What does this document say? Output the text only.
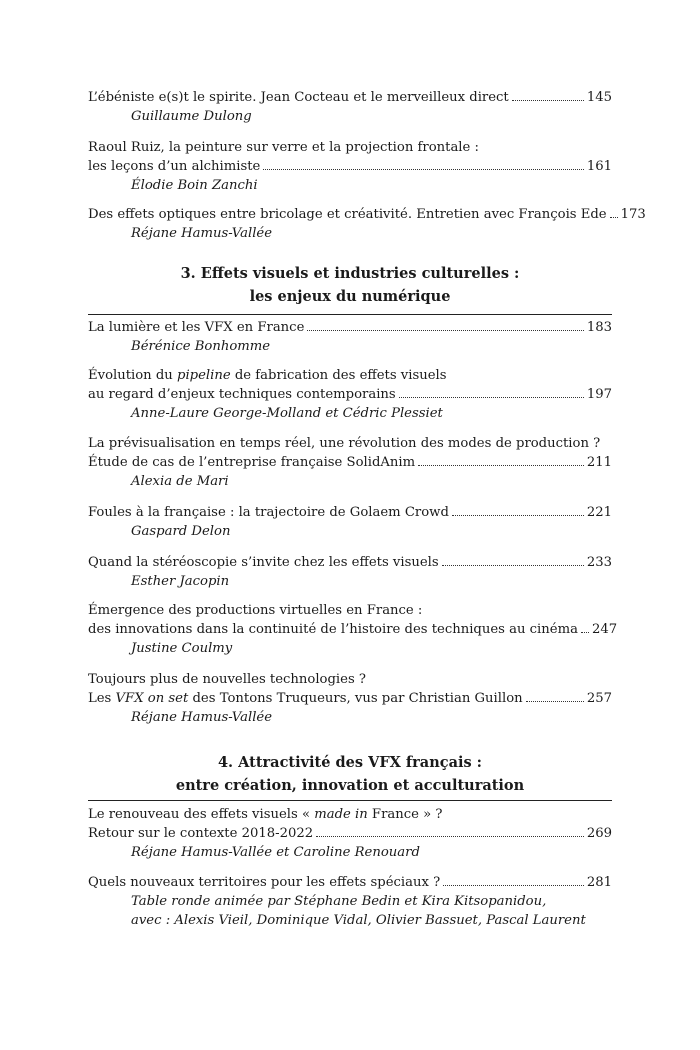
L’ébéniste e(s)t le spirite. Jean Cocteau et le merveilleux direct	145
Guillaume Dulong
Raoul Ruiz, la peinture sur verre et la projection frontale :
les leçons d’un alchimiste	161
Élodie Boin Zanchi
Des effets optiques entre bricolage et créativité. Entretien avec François Ede 173
Réjane Hamus-Vallée
3. Effets visuels et industries culturelles :
les enjeux du numérique
La lumière et les VFX en France	183
Bérénice Bonhomme
Évolution du pipeline de fabrication des effets visuels
au regard d’enjeux techniques contemporains	197
Anne-Laure George-Molland et Cédric Plessiet
La prévisualisation en temps réel, une révolution des modes de production ?
Étude de cas de l’entreprise française SolidAnim	211
Alexia de Mari
Foules à la française : la trajectoire de Golaem Crowd	221
Gaspard Delon
Quand la stéréoscopie s’invite chez les effets visuels	233
Esther Jacopin
Émergence des productions virtuelles en France :
des innovations dans la continuité de l’histoire des techniques au cinéma 247
Justine Coulmy
Toujours plus de nouvelles technologies ?
Les VFX on set des Tontons Truqueurs, vus par Christian Guillon	257
Réjane Hamus-Vallée
4. Attractivité des VFX français :
entre création, innovation et acculturation
Le renouveau des effets visuels « made in France » ?
Retour sur le contexte 2018-2022	269
Réjane Hamus-Vallée et Caroline Renouard
Quels nouveaux territoires pour les effets spéciaux ?	281
Table ronde animée par Stéphane Bedin et Kira Kitsopanidou,
avec : Alexis Vieil, Dominique Vidal, Olivier Bassuet, Pascal Laurent
